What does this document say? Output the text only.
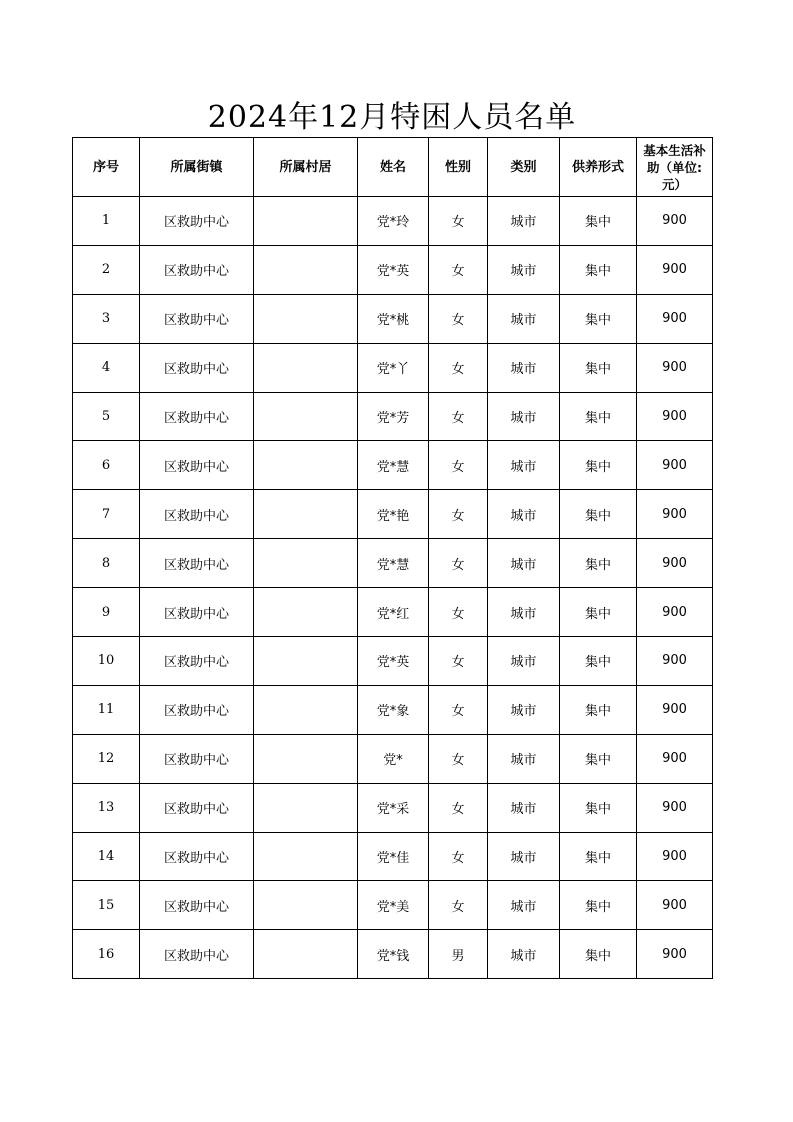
2024年12月特困人员名单
序号	所属街镇	所属村居	姓名	性别	类别	供养形式	基本生活补助（单位:元）
1	区救助中心		党*玲	女	城市	集中	900
2	区救助中心		党*英	女	城市	集中	900
3	区救助中心		党*桃	女	城市	集中	900
4	区救助中心		党*丫	女	城市	集中	900
5	区救助中心		党*芳	女	城市	集中	900
6	区救助中心		党*慧	女	城市	集中	900
7	区救助中心		党*艳	女	城市	集中	900
8	区救助中心		党*慧	女	城市	集中	900
9	区救助中心		党*红	女	城市	集中	900
10	区救助中心		党*英	女	城市	集中	900
11	区救助中心		党*象	女	城市	集中	900
12	区救助中心		党*	女	城市	集中	900
13	区救助中心		党*采	女	城市	集中	900
14	区救助中心		党*佳	女	城市	集中	900
15	区救助中心		党*美	女	城市	集中	900
16	区救助中心		党*钱	男	城市	集中	900
